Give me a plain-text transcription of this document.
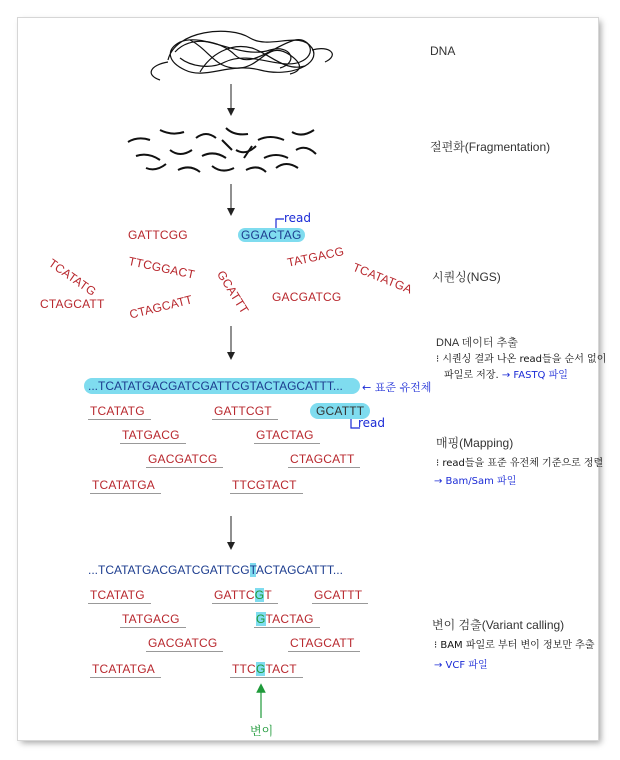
DNA
절편화(Fragmentation)
시퀀싱(NGS)
GATTCGG	GGACTAG
TCATATG TTCGGACT	TATGACG
TCATATGA
GCATTT
CTAGCATT CTAGCATT	GACGATCG
read
DNA 데이터 추출
⁝ 시퀀싱 결과 나온 read들을 순서 없이
파일로 저장. → FASTQ 파일
...TCATATGACGATCGATTCGTACTAGCATTT...	← 표준 유전체
TCATATG	GATTCGT	GCATTT
read
TATGACG	GTACTAG
GACGATCG	CTAGCATT
TCATATGA	TTCGTACT
매핑(Mapping)
⁝ read들을 표준 유전체 기준으로 정렬
→ Bam/Sam 파일
...TCATATGACGATCGATTCGTACTAGCATTT...
TCATATG	GATTCGT	GCATTT
TATGACG	GTACTAG
GACGATCG	CTAGCATT
TCATATGA	TTCGTACT
변이
변이 검출(Variant calling)
⁝ BAM 파일로 부터 변이 정보만 추출
→ VCF 파일
